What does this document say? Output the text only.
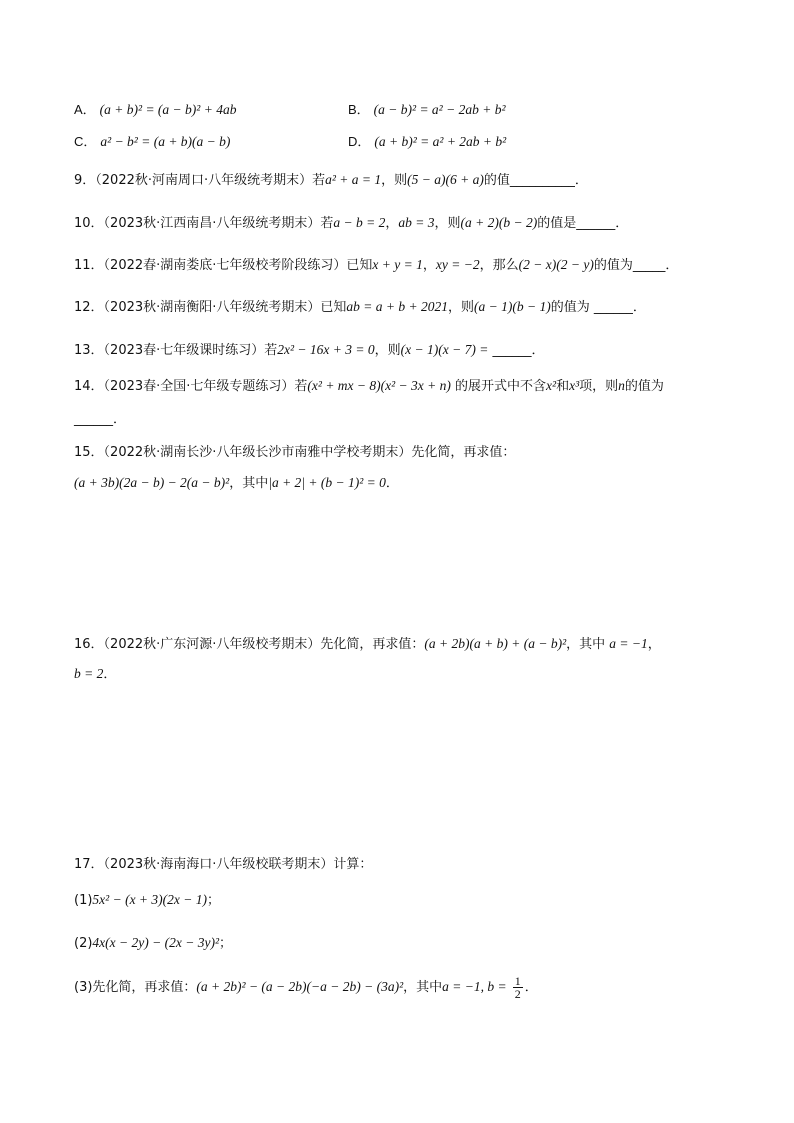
A． (a + b)² = (a − b)² + 4ab	B． (a − b)² = a² − 2ab + b²
C． a² − b² = (a + b)(a − b)	D． (a + b)² = a² + 2ab + b²
9．（2022秋·河南周口·八年级统考期末）若a² + a = 1，则(5 − a)(6 + a)的值__________．
10．（2023秋·江西南昌·八年级统考期末）若a − b = 2，ab = 3，则(a + 2)(b − 2)的值是______．
11．（2022春·湖南娄底·七年级校考阶段练习）已知x + y = 1，xy = −2，那么(2 − x)(2 − y)的值为_____．
12．（2023秋·湖南衡阳·八年级统考期末）已知ab = a + b + 2021，则(a − 1)(b − 1)的值为 ______．
13．（2023春·七年级课时练习）若2x² − 16x + 3 = 0，则(x − 1)(x − 7) = ______．
14．（2023春·全国·七年级专题练习）若(x² + mx − 8)(x² − 3x + n) 的展开式中不含x²和x³项，则n的值为
______．
15．（2022秋·湖南长沙·八年级长沙市南雅中学校考期末）先化简，再求值：
(a + 3b)(2a − b) − 2(a − b)²，其中|a + 2| + (b − 1)² = 0．
16．（2022秋·广东河源·八年级校考期末）先化简，再求值：(a + 2b)(a + b) + (a − b)²，其中 a = −1，
b = 2．
17．（2023秋·海南海口·八年级校联考期末）计算：
(1)5x² − (x + 3)(2x − 1)；
(2)4x(x − 2y) − (2x − 3y)²；
(3)先化简，再求值：(a + 2b)² − (a − 2b)(−a − 2b) − (3a)²，其中a = −1, $b = \frac{1}{2}$ ．
